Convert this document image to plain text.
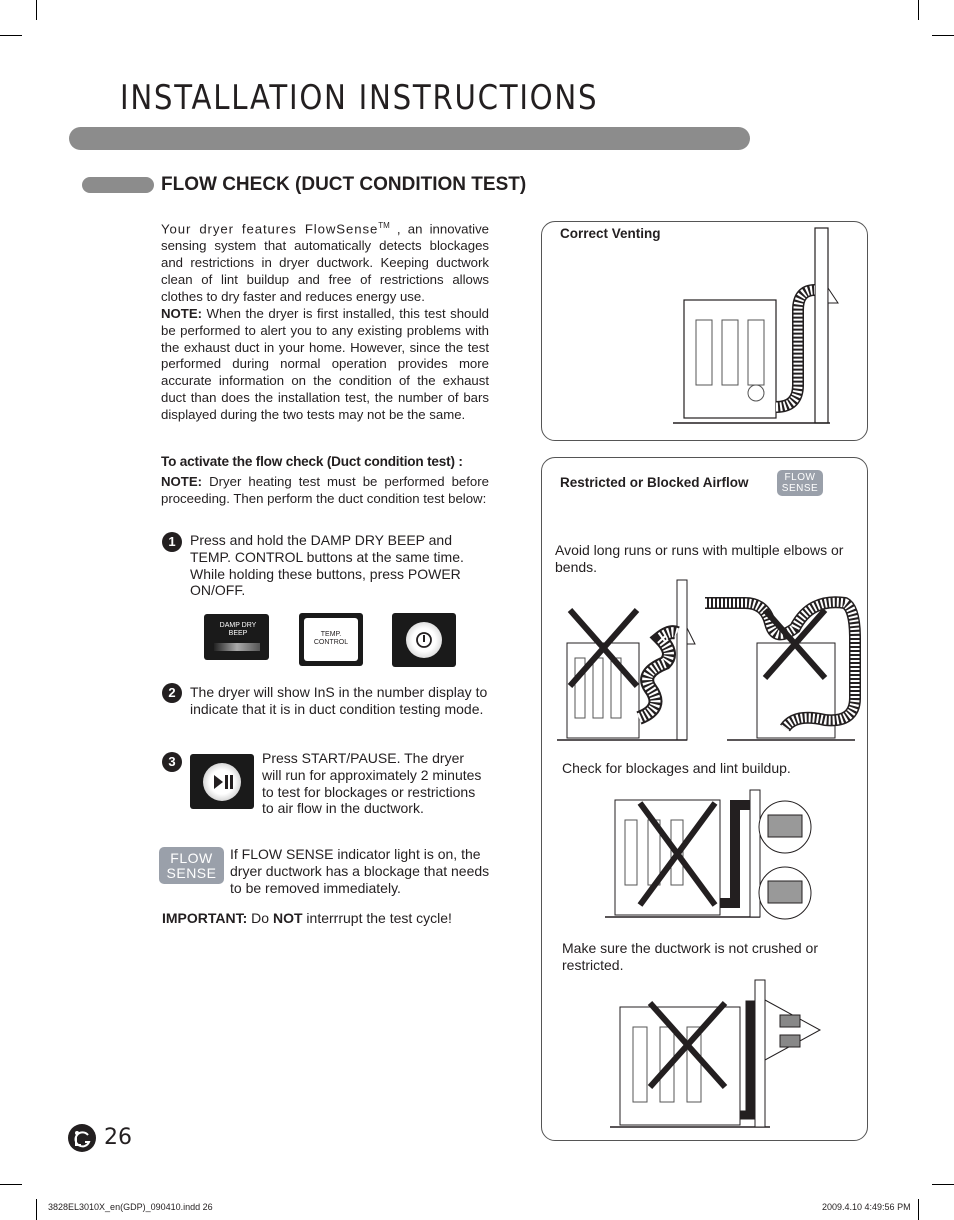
INSTALLATION INSTRUCTIONS
FLOW CHECK (DUCT CONDITION TEST)
Your dryer features FlowSense™ , an innovative sensing system that automatically detects blockages and restrictions in dryer ductwork. Keeping ductwork clean of lint buildup and free of restrictions allows clothes to dry faster and reduces energy use.
NOTE: When the dryer is first installed, this test should be performed to alert you to any existing problems with the exhaust duct in your home. However, since the test performed during normal operation provides more accurate information on the condition of the exhaust duct than does the installation test, the number of bars displayed during the two tests may not be the same.
To activate the flow check (Duct condition test) :
NOTE: Dryer heating test must be performed before proceeding. Then perform the duct condition test below:
1	Press and hold the DAMP DRY BEEP and TEMP. CONTROL buttons at the same time. While holding these buttons, press POWER ON/OFF.
DAMP DRY
BEEP	TEMP.
CONTROL
2	The dryer will show InS in the number display to indicate that it is in duct condition testing mode.
3	Press START/PAUSE. The dryer will run for approximately 2 minutes to test for blockages or restrictions to air flow in the ductwork.
FLOW
SENSE
If FLOW SENSE indicator light is on, the dryer ductwork has a blockage that needs to be removed immediately.
IMPORTANT: Do NOT interrrupt the test cycle!
Correct Venting
Restricted or Blocked Airflow	FLOW
SENSE
Avoid long runs or runs with multiple elbows or bends.
Check for blockages and lint buildup.
Make sure the ductwork is not crushed or restricted.
26
3828EL3010X_en(GDP)_090410.indd 26	2009.4.10 4:49:56 PM
